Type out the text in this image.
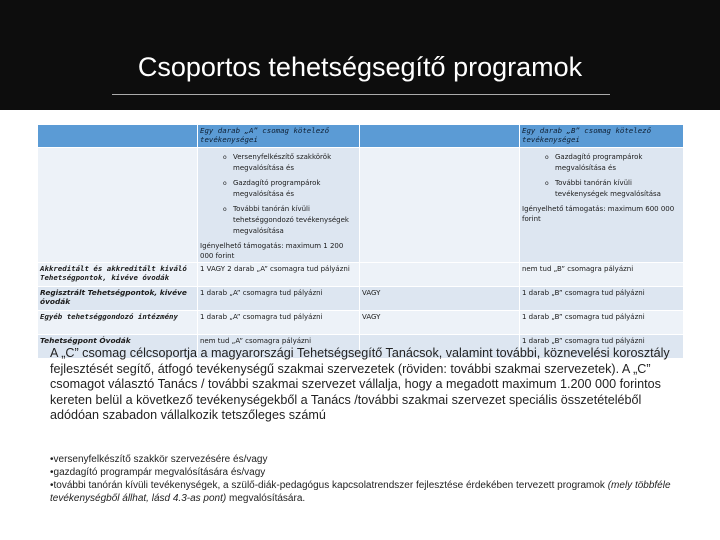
Csoportos tehetségsegítő programok
	Egy darab „A” csomag kötelező tevékenységei		Egy darab „B” csomag kötelező tevékenységei

	o Versenyfelkészítő szakkörök megvalósítása és
o Gazdagító programpárok megvalósítása és
o További tanórán kívüli tehetséggondozó tevékenységek megvalósítása
Igényelhető támogatás: maximum 1 200 000 forint		o Gazdagító programpárok megvalósítása és
o További tanórán kívüli tevékenységek megvalósítása
Igényelhető támogatás: maximum 600 000 forint

Akkreditált és akkreditált kiváló Tehetségpontok, kivéve óvodák	1 VAGY 2 darab „A” csomagra tud pályázni		nem tud „B” csomagra pályázni
Regisztrált Tehetségpontok, kivéve óvodák	1 darab „A” csomagra tud pályázni	VAGY	1 darab „B” csomagra tud pályázni
Egyéb tehetséggondozó intézmény	1 darab „A” csomagra tud pályázni	VAGY	1 darab „B” csomagra tud pályázni
Tehetségpont Óvodák	nem tud „A” csomagra pályázni		1 darab „B” csomagra tud pályázni
A „C” csomag célcsoportja a magyarországi Tehetségsegítő Tanácsok, valamint további, köznevelési korosztály fejlesztését segítő, átfogó tevékenységű szakmai szervezetek (röviden: további szakmai szervezetek). A „C” csomagot választó Tanács / további szakmai szervezet vállalja, hogy a megadott maximum 1.200 000 forintos kereten belül a következő tevékenységekből a Tanács /további szakmai szervezet speciális összetételéből adódóan szabadon vállalkozik tetszőleges számú
•versenyfelkészítő szakkör szervezésére és/vagy
•gazdagító programpár megvalósítására és/vagy
•további tanórán kívüli tevékenységek, a szülő-diák-pedagógus kapcsolatrendszer fejlesztése érdekében tervezett programok (mely többféle tevékenységből állhat, lásd 4.3-as pont) megvalósítására.
